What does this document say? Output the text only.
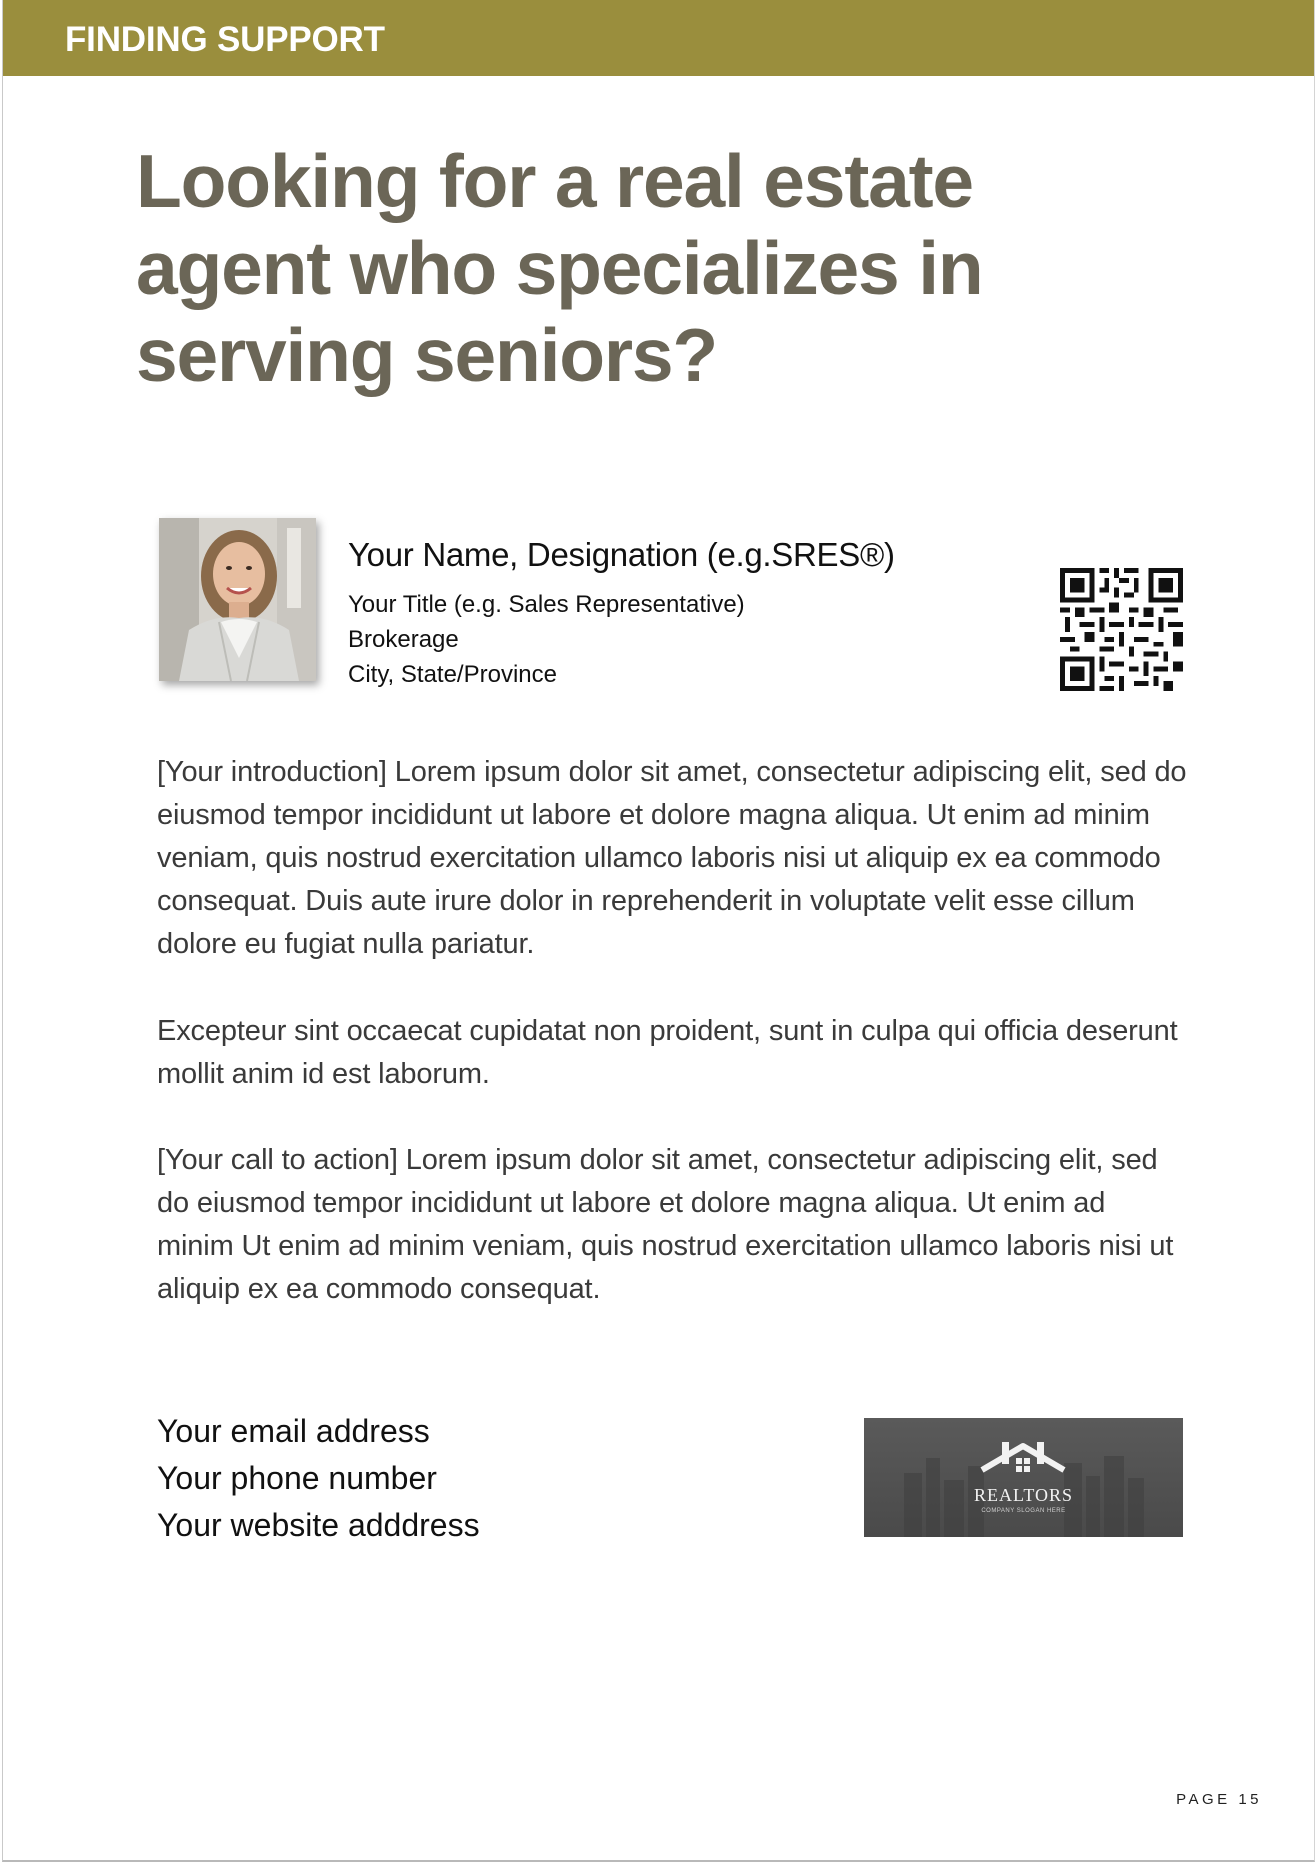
FINDING SUPPORT
Looking for a real estate
agent who specializes in
serving seniors?
Your Name, Designation (e.g.SRES®)
Your Title (e.g. Sales Representative)
Brokerage
City, State/Province

[Your introduction] Lorem ipsum dolor sit amet, consectetur adipiscing elit, sed do eiusmod tempor incididunt ut labore et dolore magna aliqua. Ut enim ad minim veniam, quis nostrud exercitation ullamco laboris nisi ut aliquip ex ea commodo consequat. Duis aute irure dolor in reprehenderit in voluptate velit esse cillum dolore eu fugiat nulla pariatur.

Excepteur sint occaecat cupidatat non proident, sunt in culpa qui officia deserunt mollit anim id est laborum.

[Your call to action] Lorem ipsum dolor sit amet, consectetur adipiscing elit, sed do eiusmod tempor incididunt ut labore et dolore magna aliqua. Ut enim ad minim Ut enim ad minim veniam, quis nostrud exercitation ullamco laboris nisi ut aliquip ex ea commodo consequat.

Your email address
Your phone number
Your website adddress
REALTORS
COMPANY SLOGAN HERE
PAGE 15
